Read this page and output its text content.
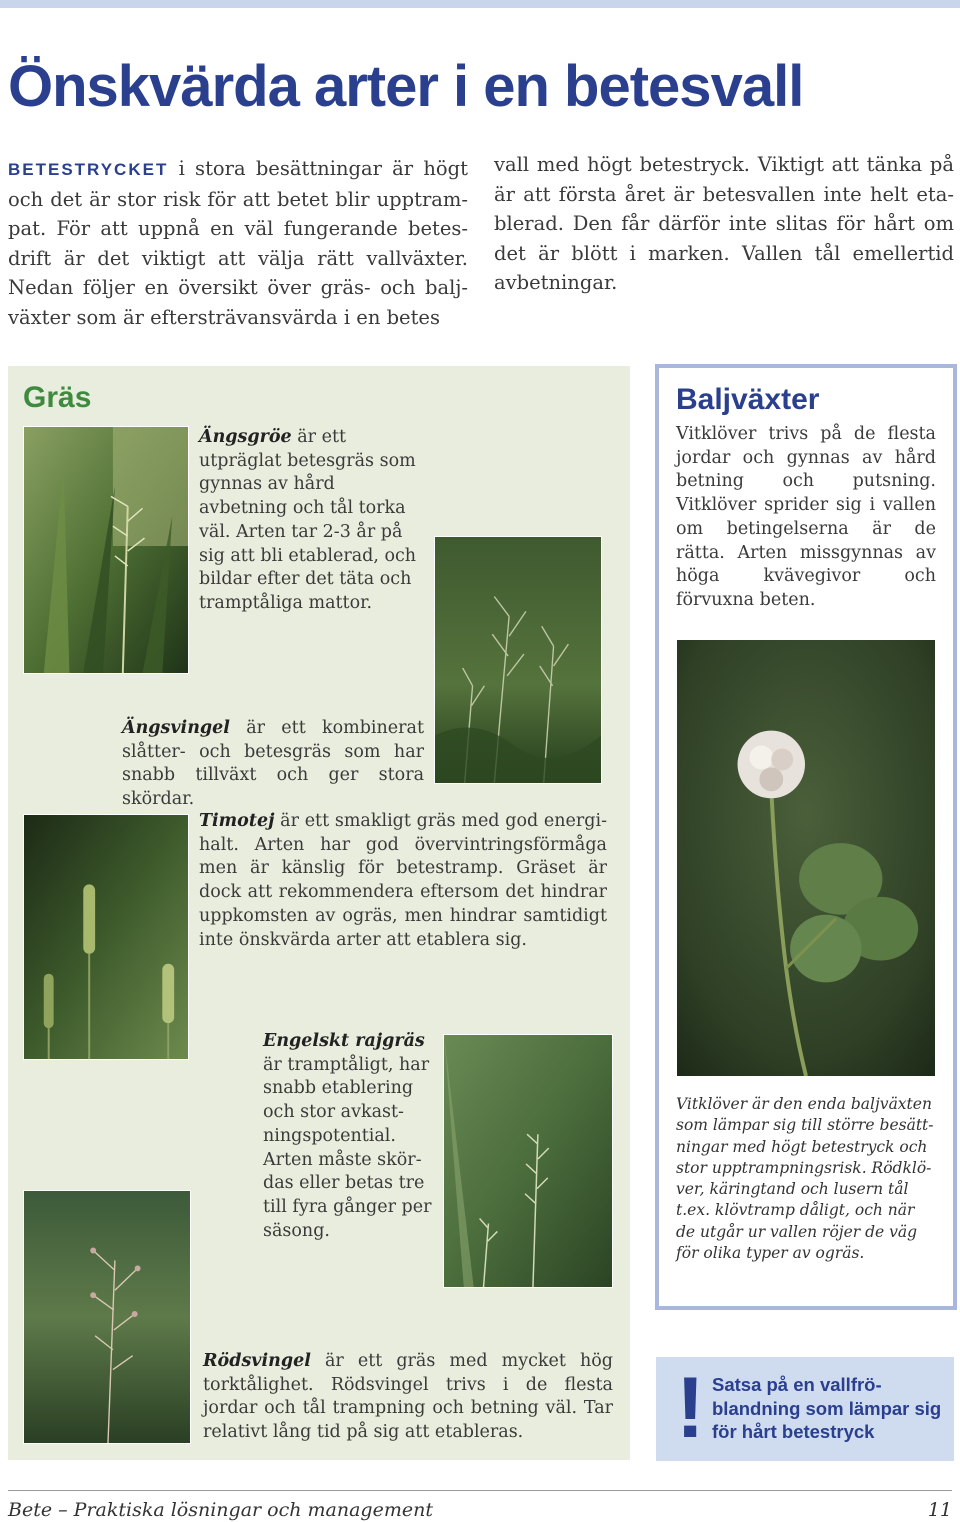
Önskvärda arter i en betesvall
BETESTRYCKET i stora besättningar är högt och det är stor risk för att betet blir upptrampat. För att uppnå en väl fungerande betesdrift är det viktigt att välja rätt vallväxter. Nedan följer en översikt över gräs- och baljväxter som är eftersträvansvärda i en betes
vall med högt betestryck. Viktigt att tänka på är att första året är betesvallen inte helt etablerad. Den får därför inte slitas för hårt om det är blött i marken. Vallen tål emellertid avbetningar.
Gräs
Ängsgröe är ett utpräglat betesgräs som gynnas av hård avbetning och tål torka väl. Arten tar 2-3 år på sig att bli etablerad, och bildar efter det täta och tramptåliga mattor.
Ängsvingel är ett kombinerat slåtter- och betesgräs som har snabb tillväxt och ger stora skördar.
Timotej är ett smakligt gräs med god energihalt. Arten har god övervintringsförmåga men är känslig för betestramp. Gräset är dock att rekommendera eftersom det hindrar uppkomsten av ogräs, men hindrar samtidigt inte önskvärda arter att etablera sig.
Engelskt rajgräs
är tramptåligt, har snabb etablering och stor avkastningspotential. Arten måste skördas eller betas tre till fyra gånger per säsong.
Rödsvingel är ett gräs med mycket hög torktålighet. Rödsvingel trivs i de flesta jordar och tål trampning och betning väl. Tar relativt lång tid på sig att etableras.
Baljväxter
Vitklöver trivs på de flesta jordar och gynnas av hård betning och putsning. Vitklöver sprider sig i vallen om betingelserna är de rätta. Arten missgynnas av höga kvävegivor och förvuxna beten.
Vitklöver är den enda baljväxten som lämpar sig till större besättningar med högt betestryck och stor upptrampningsrisk. Rödklöver, käringtand och lusern tål t.ex. klövtramp dåligt, och när de utgår ur vallen röjer de väg för olika typer av ogräs.
! Satsa på en vallfröblandning som lämpar sig för hårt betestryck
Bete – Praktiska lösningar och management	11
